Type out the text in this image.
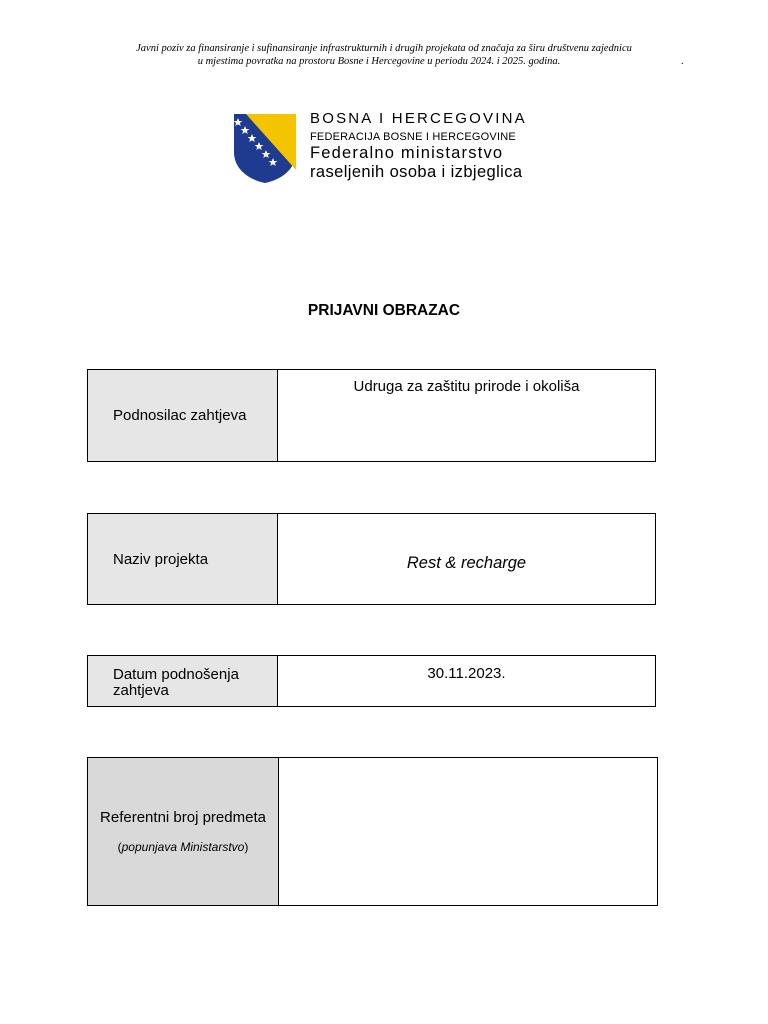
Javni poziv za finansiranje i sufinansiranje infrastrukturnih i drugih projekata od značaja za širu društvenu zajednicu
u mjestima povratka na prostoru Bosne i Hercegovine u periodu 2024. i 2025. godina.	.
BOSNA I HERCEGOVINA
FEDERACIJA BOSNE I HERCEGOVINE
Federalno ministarstvo
raseljenih osoba i izbjeglica
PRIJAVNI OBRAZAC
Podnosilac zahtjeva	Udruga za zaštitu prirode i okoliša
Naziv projekta	Rest & recharge
Datum podnošenja
zahtjeva	30.11.2023.
Referentni broj predmeta
(popunjava Ministarstvo)
